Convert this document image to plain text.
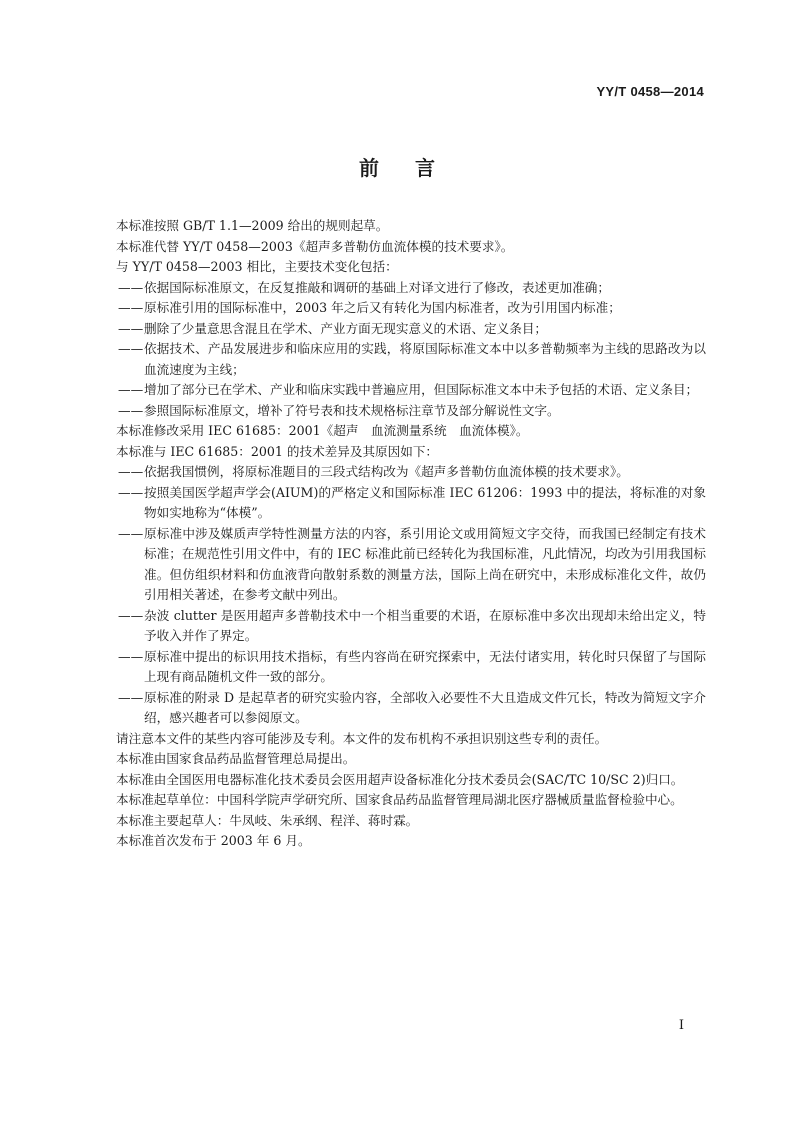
YY/T 0458—2014
前言

本标准按照 GB/T 1.1—2009 给出的规则起草。

本标准代替 YY/T 0458—2003《超声多普勒仿血流体模的技术要求》。

与 YY/T 0458—2003 相比，主要技术变化包括：

—— 依据国际标准原文，在反复推敲和调研的基础上对译文进行了修改，表述更加准确；

—— 原标准引用的国际标准中，2003 年之后又有转化为国内标准者，改为引用国内标准；

—— 删除了少量意思含混且在学术、产业方面无现实意义的术语、定义条目；

—— 依据技术、产品发展进步和临床应用的实践，将原国际标准文本中以多普勒频率为主线的思路改为以血流速度为主线；

—— 增加了部分已在学术、产业和临床实践中普遍应用，但国际标准文本中未予包括的术语、定义条目；

—— 参照国际标准原文，增补了符号表和技术规格标注章节及部分解说性文字。

本标准修改采用 IEC 61685：2001《超声　血流测量系统　血流体模》。

本标准与 IEC 61685：2001 的技术差异及其原因如下：

—— 依据我国惯例，将原标准题目的三段式结构改为《超声多普勒仿血流体模的技术要求》。

—— 按照美国医学超声学会(AIUM)的严格定义和国际标准 IEC 61206：1993 中的提法，将标准的对象物如实地称为“体模”。

—— 原标准中涉及媒质声学特性测量方法的内容，系引用论文或用简短文字交待，而我国已经制定有技术标准；在规范性引用文件中，有的 IEC 标准此前已经转化为我国标准，凡此情况，均改为引用我国标准。但仿组织材料和仿血液背向散射系数的测量方法，国际上尚在研究中，未形成标准化文件，故仍引用相关著述，在参考文献中列出。

—— 杂波 clutter 是医用超声多普勒技术中一个相当重要的术语，在原标准中多次出现却未给出定义，特予收入并作了界定。

—— 原标准中提出的标识用技术指标，有些内容尚在研究探索中，无法付诸实用，转化时只保留了与国际上现有商品随机文件一致的部分。

—— 原标准的附录 D 是起草者的研究实验内容，全部收入必要性不大且造成文件冗长，特改为简短文字介绍，感兴趣者可以参阅原文。

请注意本文件的某些内容可能涉及专利。本文件的发布机构不承担识别这些专利的责任。

本标准由国家食品药品监督管理总局提出。

本标准由全国医用电器标准化技术委员会医用超声设备标准化分技术委员会(SAC/TC 10/SC 2)归口。

本标准起草单位：中国科学院声学研究所、国家食品药品监督管理局湖北医疗器械质量监督检验中心。

本标准主要起草人：牛凤岐、朱承纲、程洋、蒋时霖。

本标准首次发布于 2003 年 6 月。

I
